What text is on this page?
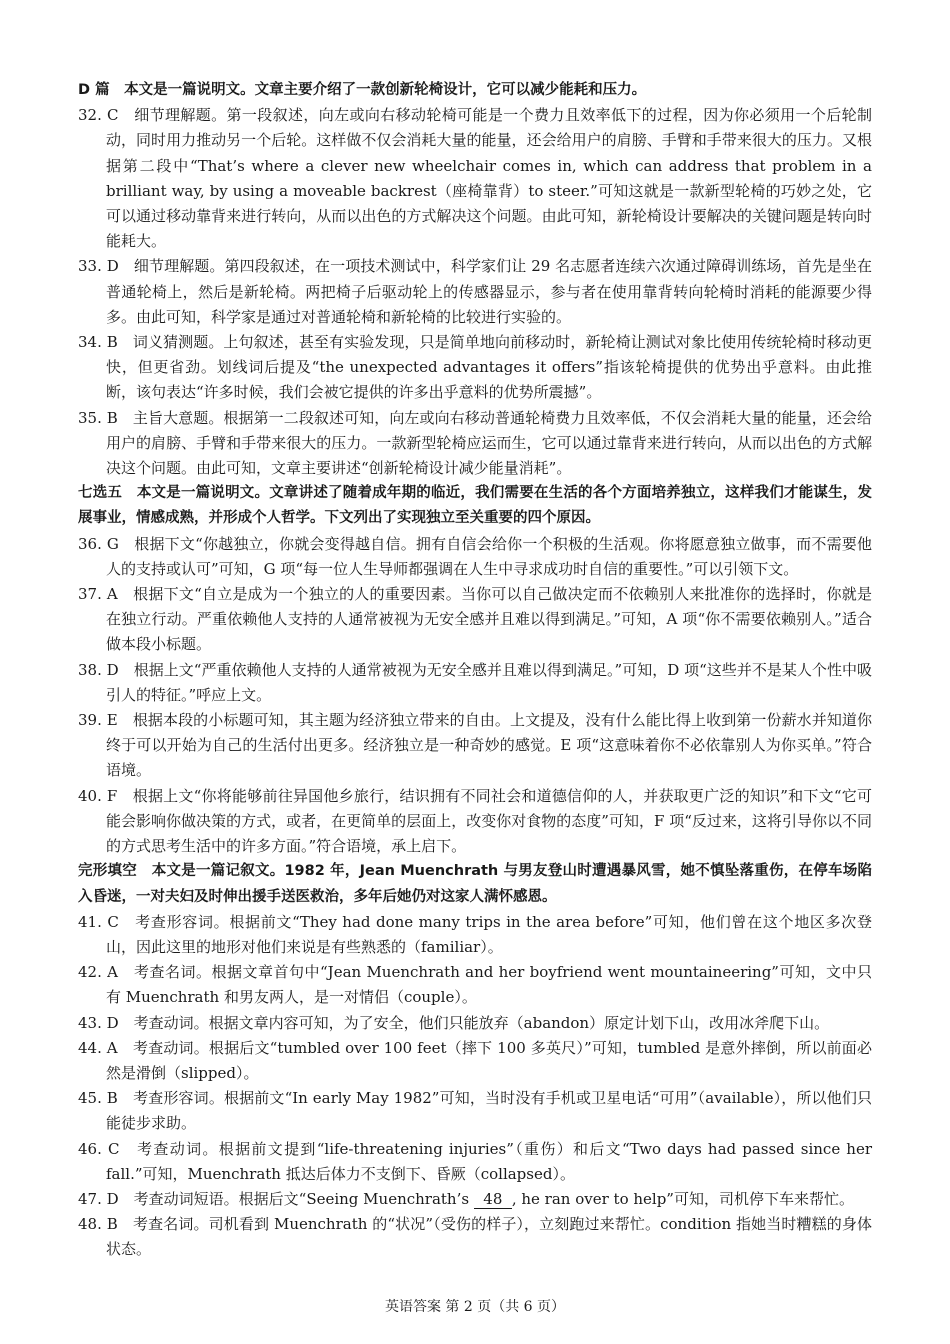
D 篇　本文是一篇说明文。文章主要介绍了一款创新轮椅设计，它可以减少能耗和压力。

32. C　细节理解题。第一段叙述，向左或向右移动轮椅可能是一个费力且效率低下的过程，因为你必须用一个后轮制动，同时用力推动另一个后轮。这样做不仅会消耗大量的能量，还会给用户的肩膀、手臂和手带来很大的压力。又根据第二段中“That’s where a clever new wheelchair comes in, which can address that problem in a brilliant way, by using a moveable backrest（座椅靠背）to steer.”可知这就是一款新型轮椅的巧妙之处，它可以通过移动靠背来进行转向，从而以出色的方式解决这个问题。由此可知，新轮椅设计要解决的关键问题是转向时能耗大。

33. D　细节理解题。第四段叙述，在一项技术测试中，科学家们让 29 名志愿者连续六次通过障碍训练场，首先是坐在普通轮椅上，然后是新轮椅。两把椅子后驱动轮上的传感器显示，参与者在使用靠背转向轮椅时消耗的能源要少得多。由此可知，科学家是通过对普通轮椅和新轮椅的比较进行实验的。

34. B　词义猜测题。上句叙述，甚至有实验发现，只是简单地向前移动时，新轮椅让测试对象比使用传统轮椅时移动更快，但更省劲。划线词后提及“the unexpected advantages it offers”指该轮椅提供的优势出乎意料。由此推断，该句表达“许多时候，我们会被它提供的许多出乎意料的优势所震撼”。

35. B　主旨大意题。根据第一二段叙述可知，向左或向右移动普通轮椅费力且效率低，不仅会消耗大量的能量，还会给用户的肩膀、手臂和手带来很大的压力。一款新型轮椅应运而生，它可以通过靠背来进行转向，从而以出色的方式解决这个问题。由此可知，文章主要讲述“创新轮椅设计减少能量消耗”。

七选五　本文是一篇说明文。文章讲述了随着成年期的临近，我们需要在生活的各个方面培养独立，这样我们才能谋生，发展事业，情感成熟，并形成个人哲学。下文列出了实现独立至关重要的四个原因。

36. G　根据下文“你越独立，你就会变得越自信。拥有自信会给你一个积极的生活观。你将愿意独立做事，而不需要他人的支持或认可”可知，G 项“每一位人生导师都强调在人生中寻求成功时自信的重要性。”可以引领下文。

37. A　根据下文“自立是成为一个独立的人的重要因素。当你可以自己做决定而不依赖别人来批准你的选择时，你就是在独立行动。严重依赖他人支持的人通常被视为无安全感并且难以得到满足。”可知，A 项“你不需要依赖别人。”适合做本段小标题。

38. D　根据上文“严重依赖他人支持的人通常被视为无安全感并且难以得到满足。”可知，D 项“这些并不是某人个性中吸引人的特征。”呼应上文。

39. E　根据本段的小标题可知，其主题为经济独立带来的自由。上文提及，没有什么能比得上收到第一份薪水并知道你终于可以开始为自己的生活付出更多。经济独立是一种奇妙的感觉。E 项“这意味着你不必依靠别人为你买单。”符合语境。

40. F　根据上文“你将能够前往异国他乡旅行，结识拥有不同社会和道德信仰的人，并获取更广泛的知识”和下文“它可能会影响你做决策的方式，或者，在更简单的层面上，改变你对食物的态度”可知，F 项“反过来，这将引导你以不同的方式思考生活中的许多方面。”符合语境，承上启下。

完形填空　本文是一篇记叙文。1982 年，Jean Muenchrath 与男友登山时遭遇暴风雪，她不慎坠落重伤，在停车场陷入昏迷，一对夫妇及时伸出援手送医救治，多年后她仍对这家人满怀感恩。

41. C　考查形容词。根据前文“They had done many trips in the area before”可知，他们曾在这个地区多次登山，因此这里的地形对他们来说是有些熟悉的（familiar）。

42. A　考查名词。根据文章首句中“Jean Muenchrath and her boyfriend went mountaineering”可知，文中只有 Muenchrath 和男友两人，是一对情侣（couple）。

43. D　考查动词。根据文章内容可知，为了安全，他们只能放弃（abandon）原定计划下山，改用冰斧爬下山。

44. A　考查动词。根据后文“tumbled over 100 feet（摔下 100 多英尺）”可知，tumbled 是意外摔倒，所以前面必然是滑倒（slipped）。

45. B　考查形容词。根据前文“In early May 1982”可知，当时没有手机或卫星电话“可用”（available），所以他们只能徒步求助。

46. C　考查动词。根据前文提到“life-threatening injuries”（重伤）和后文“Two days had passed since her fall.”可知，Muenchrath 抵达后体力不支倒下、昏厥（collapsed）。

47. D　考查动词短语。根据后文“Seeing Muenchrath’s 48 , he ran over to help”可知，司机停下车来帮忙。

48. B　考查名词。司机看到 Muenchrath 的“状况”（受伤的样子），立刻跑过来帮忙。condition 指她当时糟糕的身体状态。

英语答案 第 2 页（共 6 页）
